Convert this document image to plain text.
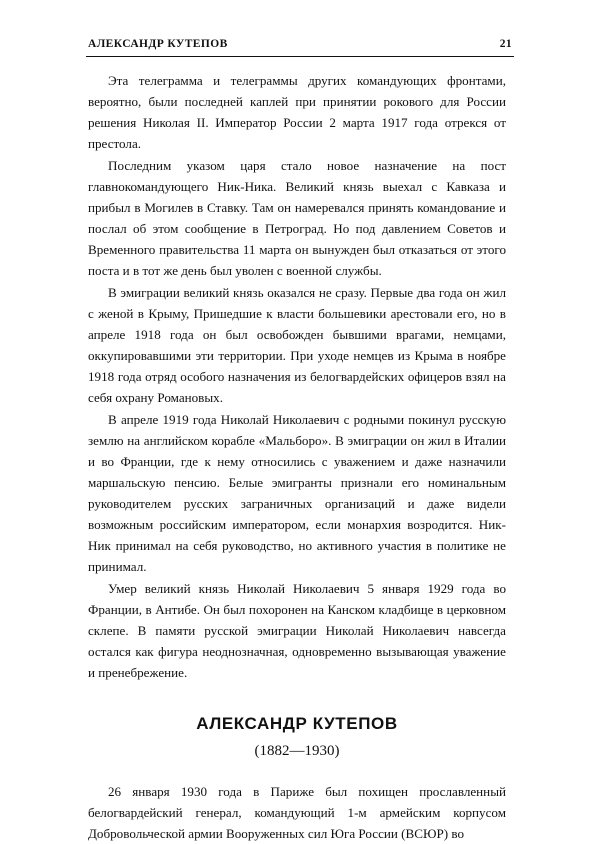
АЛЕКСАНДР КУТЕПОВ	21

Эта телеграмма и телеграммы других командующих фронтами, вероятно, были последней каплей при принятии рокового для России решения Николая II. Император России 2 марта 1917 года отрекся от престола.

Последним указом царя стало новое назначение на пост главнокомандующего Ник-Ника. Великий князь выехал с Кавказа и прибыл в Могилев в Ставку. Там он намеревался принять командование и послал об этом сообщение в Петроград. Но под давлением Советов и Временного правительства 11 марта он вынужден был отказаться от этого поста и в тот же день был уволен с военной службы.

В эмиграции великий князь оказался не сразу. Первые два года он жил с женой в Крыму, Пришедшие к власти большевики арестовали его, но в апреле 1918 года он был освобожден бывшими врагами, немцами, оккупировавшими эти территории. При уходе немцев из Крыма в ноябре 1918 года отряд особого назначения из белогвардейских офицеров взял на себя охрану Романовых.

В апреле 1919 года Николай Николаевич с родными покинул русскую землю на английском корабле «Мальборо». В эмиграции он жил в Италии и во Франции, где к нему относились с уважением и даже назначили маршальскую пенсию. Белые эмигранты признали его номинальным руководителем русских заграничных организаций и даже видели возможным российским императором, если монархия возродится. Ник-Ник принимал на себя руководство, но активного участия в политике не принимал.

Умер великий князь Николай Николаевич 5 января 1929 года во Франции, в Антибе. Он был похоронен на Канском кладбище в церковном склепе. В памяти русской эмиграции Николай Николаевич навсегда остался как фигура неоднозначная, одновременно вызывающая уважение и пренебрежение.

АЛЕКСАНДР КУТЕПОВ
(1882—1930)

26 января 1930 года в Париже был похищен прославленный белогвардейский генерал, командующий 1-м армейским корпусом Добровольческой армии Вооруженных сил Юга России (ВСЮР) во
